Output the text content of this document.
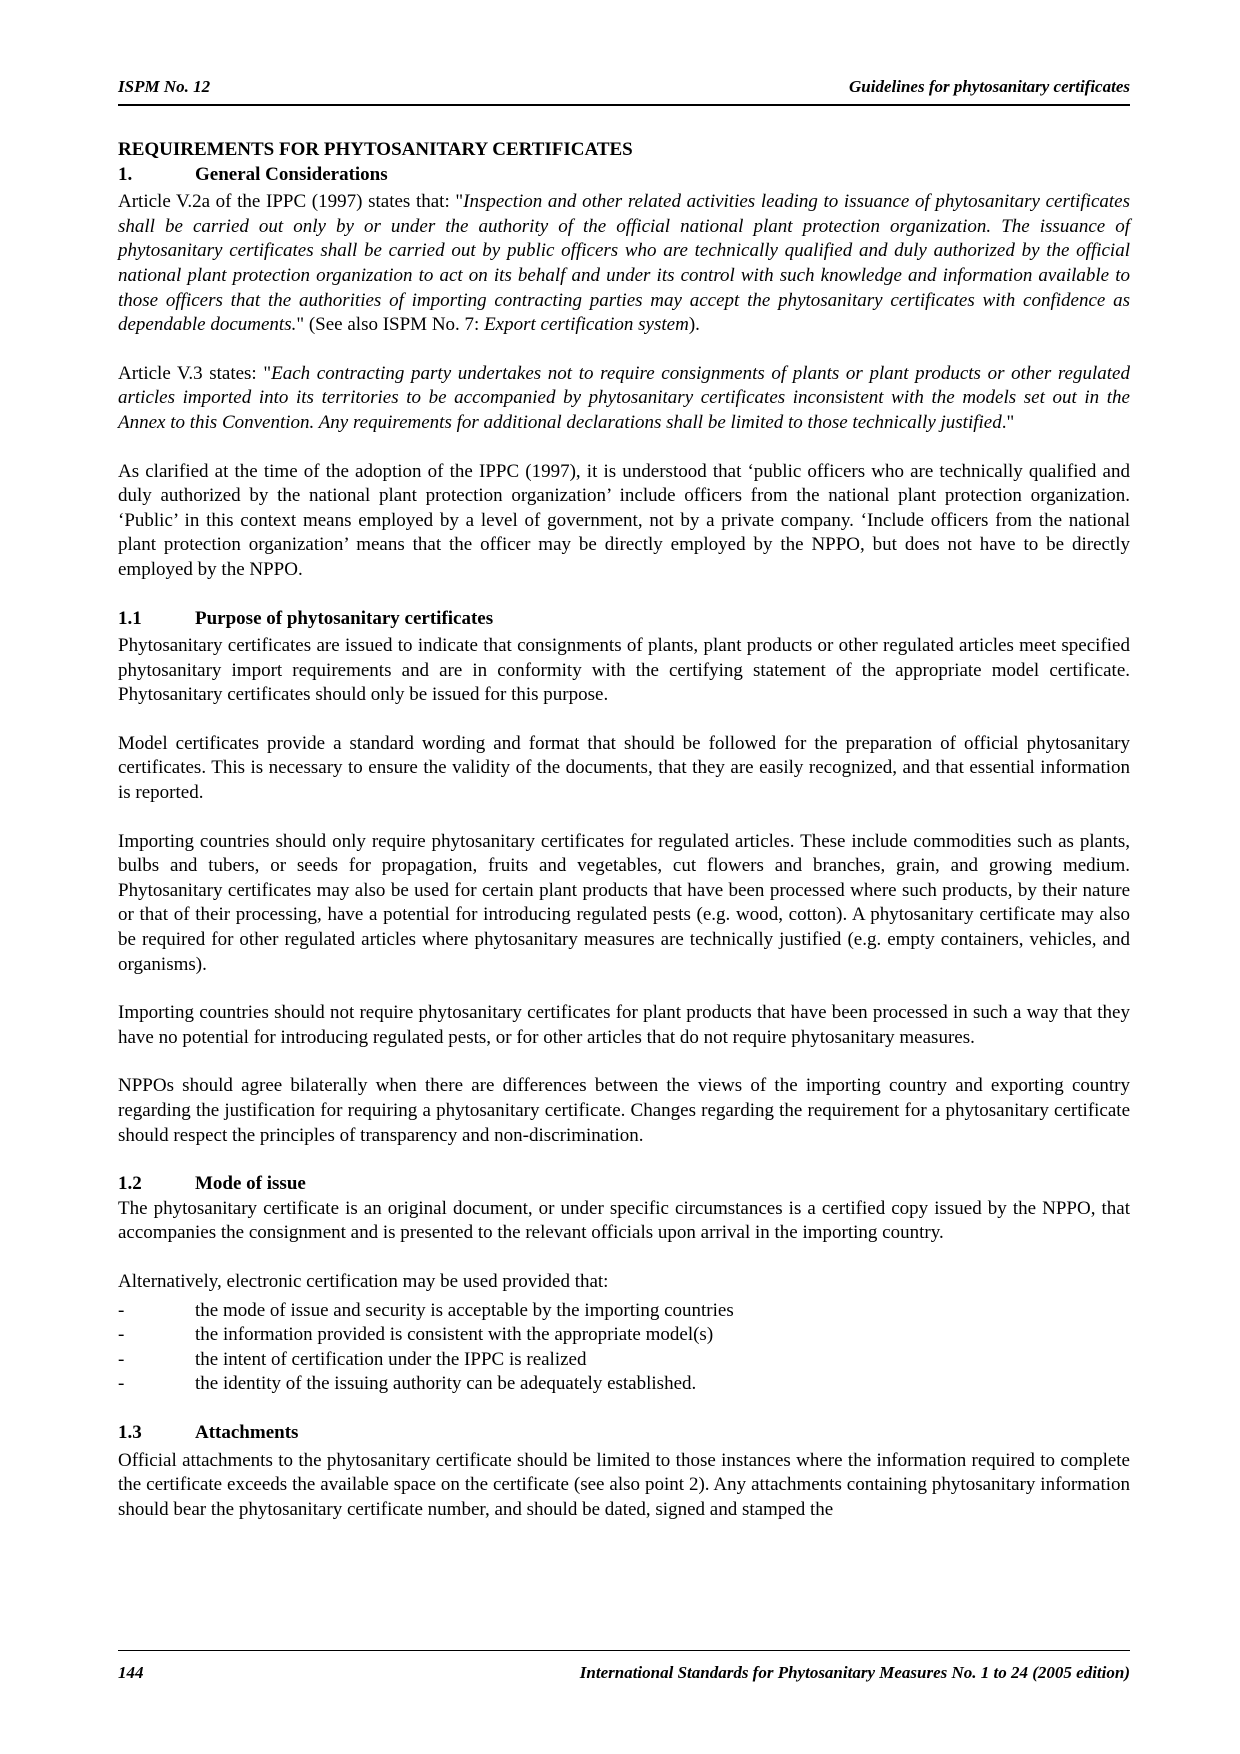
ISPM No. 12	Guidelines for phytosanitary certificates

REQUIREMENTS FOR PHYTOSANITARY CERTIFICATES

1.	General Considerations

Article V.2a of the IPPC (1997) states that: "Inspection and other related activities leading to issuance of phytosanitary certificates shall be carried out only by or under the authority of the official national plant protection organization. The issuance of phytosanitary certificates shall be carried out by public officers who are technically qualified and duly authorized by the official national plant protection organization to act on its behalf and under its control with such knowledge and information available to those officers that the authorities of importing contracting parties may accept the phytosanitary certificates with confidence as dependable documents." (See also ISPM No. 7: Export certification system).

Article V.3 states: "Each contracting party undertakes not to require consignments of plants or plant products or other regulated articles imported into its territories to be accompanied by phytosanitary certificates inconsistent with the models set out in the Annex to this Convention. Any requirements for additional declarations shall be limited to those technically justified."

As clarified at the time of the adoption of the IPPC (1997), it is understood that ‘public officers who are technically qualified and duly authorized by the national plant protection organization’ include officers from the national plant protection organization. ‘Public’ in this context means employed by a level of government, not by a private company. ‘Include officers from the national plant protection organization’ means that the officer may be directly employed by the NPPO, but does not have to be directly employed by the NPPO.

1.1	Purpose of phytosanitary certificates

Phytosanitary certificates are issued to indicate that consignments of plants, plant products or other regulated articles meet specified phytosanitary import requirements and are in conformity with the certifying statement of the appropriate model certificate. Phytosanitary certificates should only be issued for this purpose.

Model certificates provide a standard wording and format that should be followed for the preparation of official phytosanitary certificates. This is necessary to ensure the validity of the documents, that they are easily recognized, and that essential information is reported.

Importing countries should only require phytosanitary certificates for regulated articles. These include commodities such as plants, bulbs and tubers, or seeds for propagation, fruits and vegetables, cut flowers and branches, grain, and growing medium. Phytosanitary certificates may also be used for certain plant products that have been processed where such products, by their nature or that of their processing, have a potential for introducing regulated pests (e.g. wood, cotton). A phytosanitary certificate may also be required for other regulated articles where phytosanitary measures are technically justified (e.g. empty containers, vehicles, and organisms).

Importing countries should not require phytosanitary certificates for plant products that have been processed in such a way that they have no potential for introducing regulated pests, or for other articles that do not require phytosanitary measures.

NPPOs should agree bilaterally when there are differences between the views of the importing country and exporting country regarding the justification for requiring a phytosanitary certificate. Changes regarding the requirement for a phytosanitary certificate should respect the principles of transparency and non-discrimination.

1.2	Mode of issue

The phytosanitary certificate is an original document, or under specific circumstances is a certified copy issued by the NPPO, that accompanies the consignment and is presented to the relevant officials upon arrival in the importing country.

Alternatively, electronic certification may be used provided that:

-	the mode of issue and security is acceptable by the importing countries
-	the information provided is consistent with the appropriate model(s)
-	the intent of certification under the IPPC is realized
-	the identity of the issuing authority can be adequately established.
1.3	Attachments

Official attachments to the phytosanitary certificate should be limited to those instances where the information required to complete the certificate exceeds the available space on the certificate (see also point 2). Any attachments containing phytosanitary information should bear the phytosanitary certificate number, and should be dated, signed and stamped the

144	International Standards for Phytosanitary Measures No. 1 to 24 (2005 edition)
